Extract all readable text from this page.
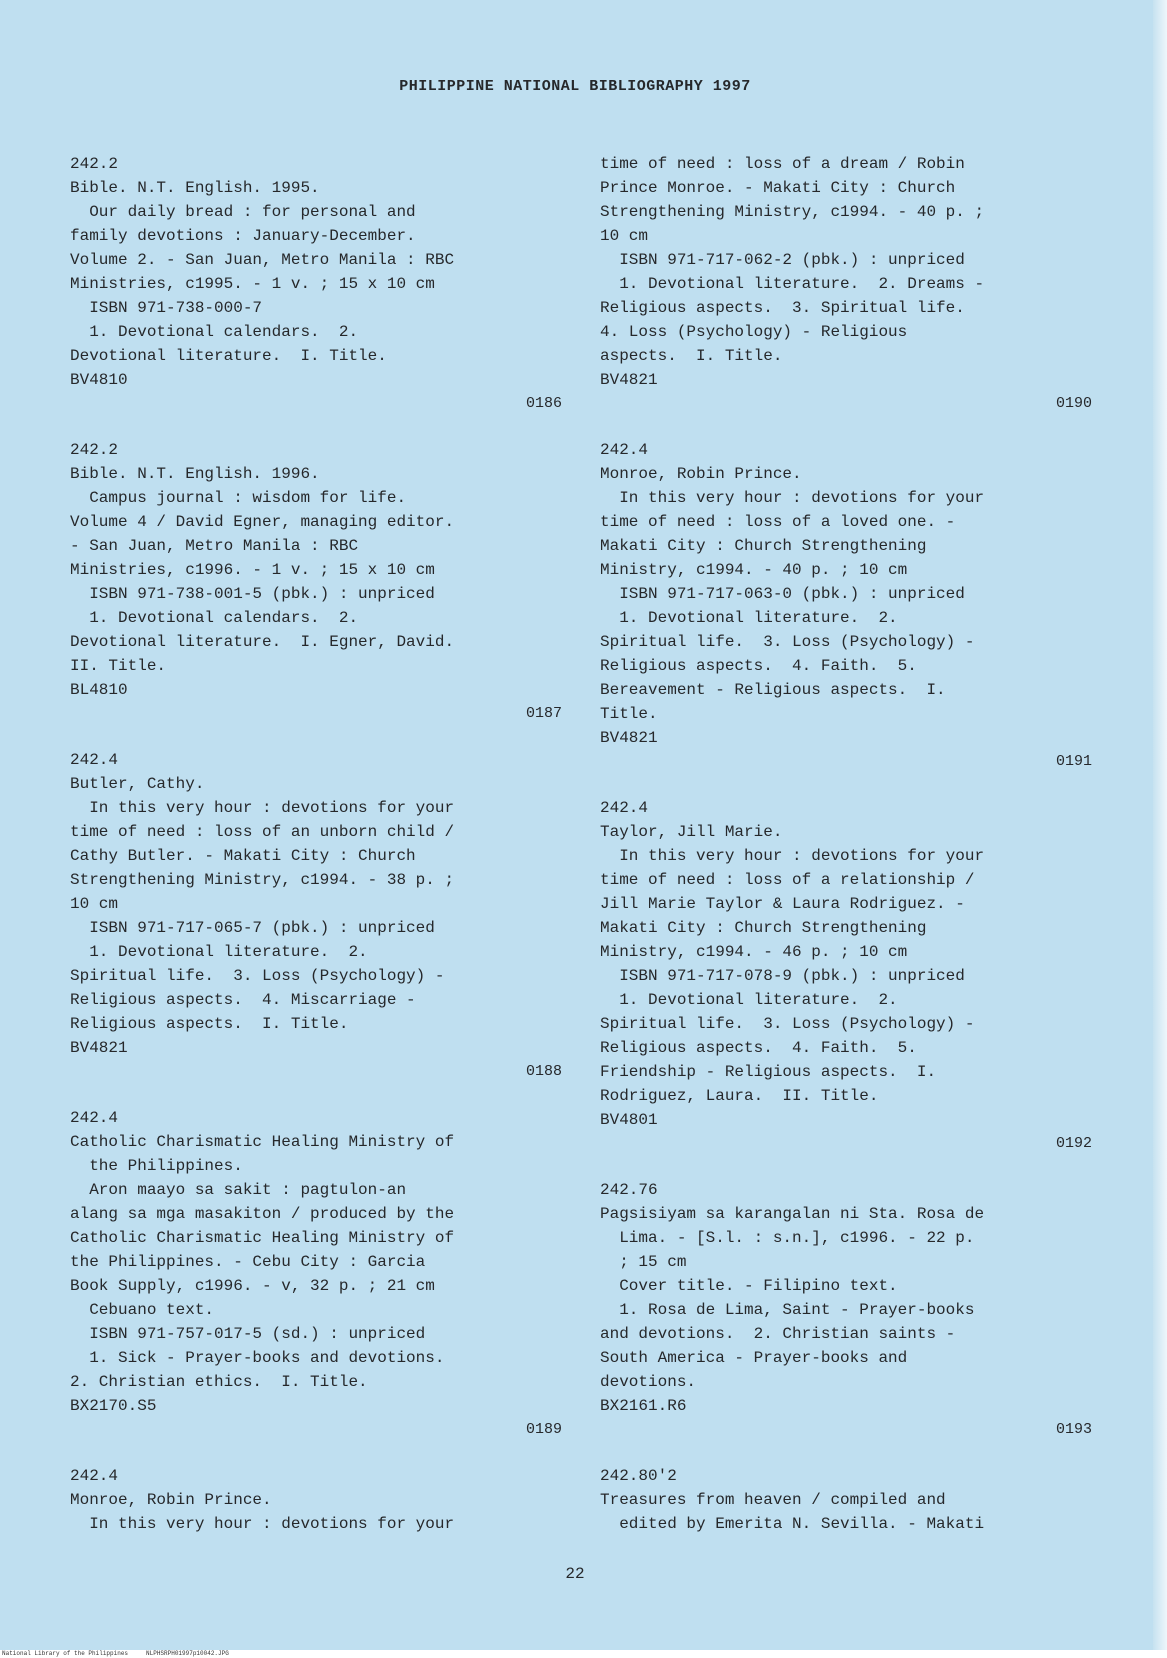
PHILIPPINE NATIONAL BIBLIOGRAPHY 1997
242.2
Bible. N.T. English. 1995.
Our daily bread : for personal and
family devotions : January-December.
Volume 2. - San Juan, Metro Manila : RBC
Ministries, c1995. - 1 v. ; 15 x 10 cm
ISBN 971-738-000-7
1. Devotional calendars.  2.
Devotional literature.  I. Title.
BV4810
0186
242.2
Bible. N.T. English. 1996.
Campus journal : wisdom for life.
Volume 4 / David Egner, managing editor.
- San Juan, Metro Manila : RBC
Ministries, c1996. - 1 v. ; 15 x 10 cm
ISBN 971-738-001-5 (pbk.) : unpriced
1. Devotional calendars.  2.
Devotional literature.  I. Egner, David.
II. Title.
BL4810
0187
242.4
Butler, Cathy.
In this very hour : devotions for your
time of need : loss of an unborn child /
Cathy Butler. - Makati City : Church
Strengthening Ministry, c1994. - 38 p. ;
10 cm
ISBN 971-717-065-7 (pbk.) : unpriced
1. Devotional literature.  2.
Spiritual life.  3. Loss (Psychology) -
Religious aspects.  4. Miscarriage -
Religious aspects.  I. Title.
BV4821
0188
242.4
Catholic Charismatic Healing Ministry of
the Philippines.
Aron maayo sa sakit : pagtulon-an
alang sa mga masakiton / produced by the
Catholic Charismatic Healing Ministry of
the Philippines. - Cebu City : Garcia
Book Supply, c1996. - v, 32 p. ; 21 cm
Cebuano text.
ISBN 971-757-017-5 (sd.) : unpriced
1. Sick - Prayer-books and devotions.
2. Christian ethics.  I. Title.
BX2170.S5
0189
242.4
Monroe, Robin Prince.
In this very hour : devotions for your
time of need : loss of a dream / Robin
Prince Monroe. - Makati City : Church
Strengthening Ministry, c1994. - 40 p. ;
10 cm
ISBN 971-717-062-2 (pbk.) : unpriced
1. Devotional literature.  2. Dreams -
Religious aspects.  3. Spiritual life.
4. Loss (Psychology) - Religious
aspects.  I. Title.
BV4821
0190
242.4
Monroe, Robin Prince.
In this very hour : devotions for your
time of need : loss of a loved one. -
Makati City : Church Strengthening
Ministry, c1994. - 40 p. ; 10 cm
ISBN 971-717-063-0 (pbk.) : unpriced
1. Devotional literature.  2.
Spiritual life.  3. Loss (Psychology) -
Religious aspects.  4. Faith.  5.
Bereavement - Religious aspects.  I.
Title.
BV4821
0191
242.4
Taylor, Jill Marie.
In this very hour : devotions for your
time of need : loss of a relationship /
Jill Marie Taylor & Laura Rodriguez. -
Makati City : Church Strengthening
Ministry, c1994. - 46 p. ; 10 cm
ISBN 971-717-078-9 (pbk.) : unpriced
1. Devotional literature.  2.
Spiritual life.  3. Loss (Psychology) -
Religious aspects.  4. Faith.  5.
Friendship - Religious aspects.  I.
Rodriguez, Laura.  II. Title.
BV4801
0192
242.76
Pagsisiyam sa karangalan ni Sta. Rosa de
Lima. - [S.l. : s.n.], c1996. - 22 p.
; 15 cm
Cover title. - Filipino text.
1. Rosa de Lima, Saint - Prayer-books
and devotions.  2. Christian saints -
South America - Prayer-books and
devotions.
BX2161.R6
0193
242.80'2
Treasures from heaven / compiled and
edited by Emerita N. Sevilla. - Makati
22
National Library of the Philippines     NLPHSRPH01997p10042.JPG
